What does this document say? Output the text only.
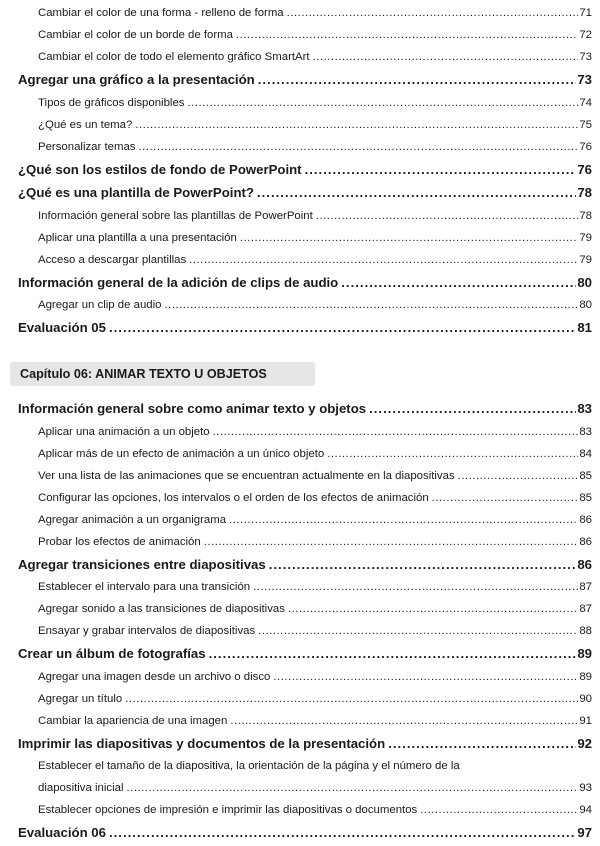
Cambiar el color de una forma - relleno de forma .....	71
Cambiar el color de un borde de forma .....	72
Cambiar el color de todo el elemento gráfico SmartArt .....	73
Agregar una gráfico a la presentación .....	73
Tipos de gráficos disponibles .....	74
¿Qué es un tema? .....	75
Personalizar temas .....	76
¿Qué son los estilos de fondo de PowerPoint .....	76
¿Qué es una plantilla de PowerPoint? .....	78
Información general sobre las plantillas de PowerPoint .....	78
Aplicar una plantilla a una presentación .....	79
Acceso a descargar plantillas .....	79
Información general de la adición de clips de audio .....	80
Agregar un clip de audio .....	80
Evaluación 05 .....	81
Capítulo 06: ANIMAR TEXTO U OBJETOS
Información general sobre como animar texto y objetos .....	83
Aplicar una animación a un objeto .....	83
Aplicar más de un efecto de animación a un único objeto .....	84
Ver una lista de las animaciones que se encuentran actualmente en la diapositivas .....	85
Configurar las opciones, los intervalos o el orden de los efectos de animación .....	85
Agregar animación a un organigrama .....	86
Probar los efectos de animación .....	86
Agregar transiciones entre diapositivas .....	86
Establecer el intervalo para una transición .....	87
Agregar sonido a las transiciones de diapositivas .....	87
Ensayar y grabar intervalos de diapositivas .....	88
Crear un álbum de fotografías .....	89
Agregar una imagen desde un archivo o disco .....	89
Agregar un título .....	90
Cambiar la apariencia de una imagen .....	91
Imprimir las diapositivas y documentos de la presentación .....	92
Establecer el tamaño de la diapositiva, la orientación de la página y el número de la
diapositiva inicial .....	93
Establecer opciones de impresión e imprimir las diapositivas o documentos .....	94
Evaluación 06 .....	97
